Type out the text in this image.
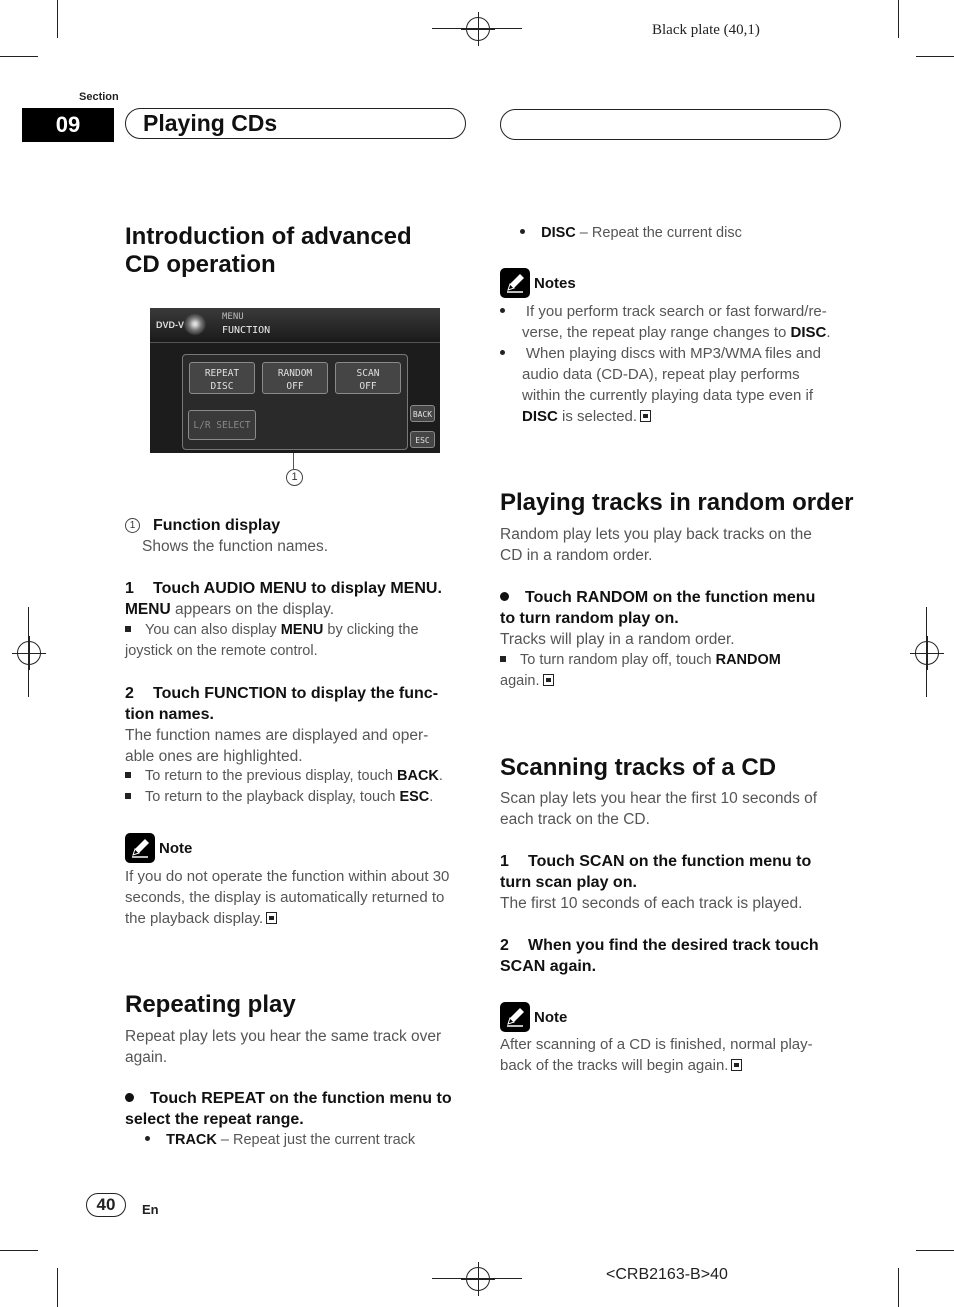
Black plate (40,1)
Section
09	Playing CDs
Introduction of advanced
CD operation
DVD-V
MENU
FUNCTION
REPEAT
DISC
RANDOM
OFF
SCAN
OFF
L/R SELECT
BACK
ESC
1
1 Function display
Shows the function names.
1 Touch AUDIO MENU to display MENU.
MENU appears on the display.
You can also display MENU by clicking the
joystick on the remote control.
2 Touch FUNCTION to display the func-
tion names.
The function names are displayed and oper-
able ones are highlighted.
To return to the previous display, touch BACK.
To return to the playback display, touch ESC.
Note
If you do not operate the function within about 30
seconds, the display is automatically returned to
the playback display.
Repeating play
Repeat play lets you hear the same track over
again.
Touch REPEAT on the function menu to
select the repeat range.
TRACK – Repeat just the current track
DISC – Repeat the current disc
Notes
If you perform track search or fast forward/re-
verse, the repeat play range changes to DISC.
When playing discs with MP3/WMA files and
audio data (CD-DA), repeat play performs
within the currently playing data type even if
DISC is selected.
Playing tracks in random order
Random play lets you play back tracks on the
CD in a random order.
Touch RANDOM on the function menu
to turn random play on.
Tracks will play in a random order.
To turn random play off, touch RANDOM
again.
Scanning tracks of a CD
Scan play lets you hear the first 10 seconds of
each track on the CD.
1 Touch SCAN on the function menu to
turn scan play on.
The first 10 seconds of each track is played.
2 When you find the desired track touch
SCAN again.
Note
After scanning of a CD is finished, normal play-
back of the tracks will begin again.
40	En
<CRB2163-B>40
